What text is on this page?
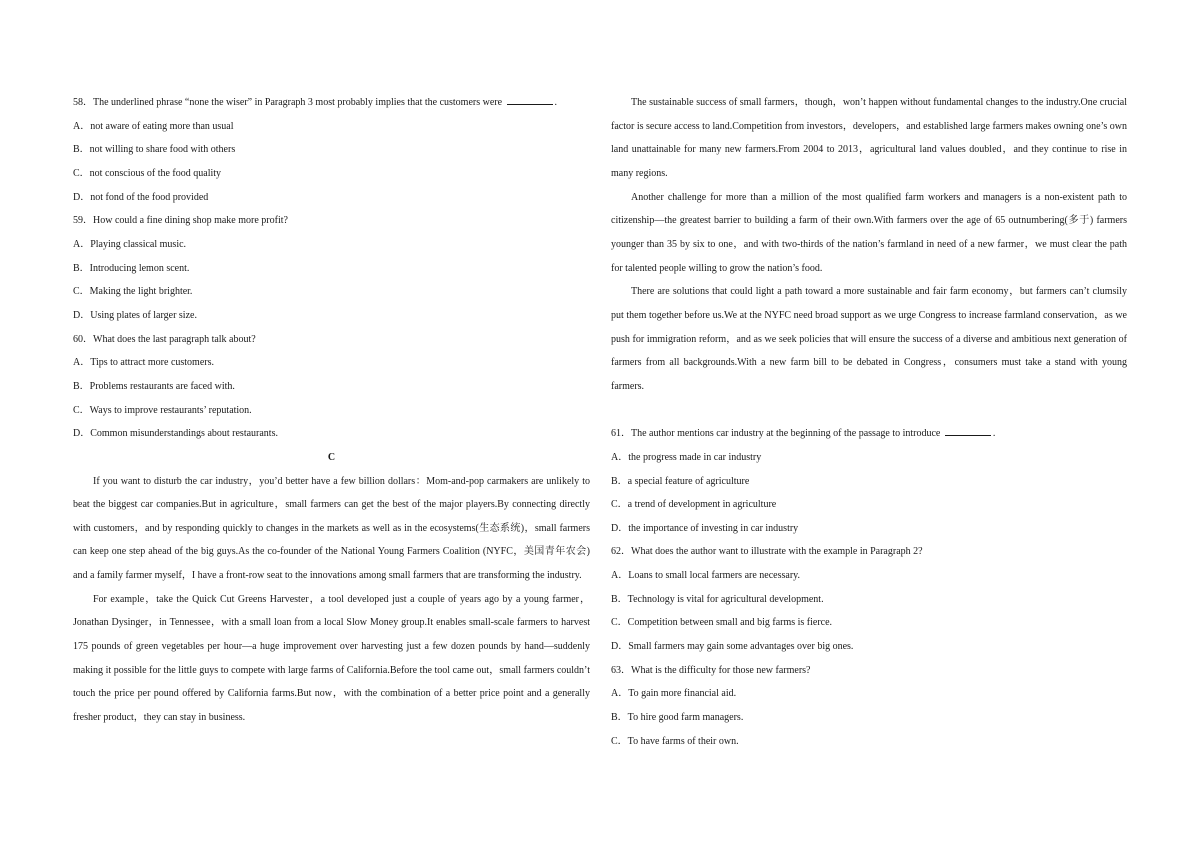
58．The underlined phrase “none the wiser” in Paragraph 3 most probably implies that the customers were	.
A．not aware of eating more than usual
B．not willing to share food with others
C．not conscious of the food quality
D．not fond of the food provided
59．How could a fine dining shop make more profit?
A．Playing classical music.
B．Introducing lemon scent.
C．Making the light brighter.
D．Using plates of larger size.
60．What does the last paragraph talk about?
A．Tips to attract more customers.
B．Problems restaurants are faced with.
C．Ways to improve restaurants’ reputation.
D．Common misunderstandings about restaurants.
C

If you want to disturb the car industry，you’d better have a few billion dollars：Mom-and-pop carmakers are unlikely to beat the biggest car companies.But in agriculture，small farmers can get the best of the major players.By connecting directly with customers，and by responding quickly to changes in the markets as well as in the ecosystems(生态系统)，small farmers can keep one step ahead of the big guys.As the co-founder of the National Young Farmers Coalition (NYFC，美国青年农会) and a family farmer myself，I have a front-row seat to the innovations among small farmers that are transforming the industry.

For example，take the Quick Cut Greens Harvester，a tool developed just a couple of years ago by a young farmer，Jonathan Dysinger，in Tennessee，with a small loan from a local Slow Money group.It enables small-scale farmers to harvest 175 pounds of green vegetables per hour—a huge improvement over harvesting just a few dozen pounds by hand—suddenly making it possible for the little guys to compete with large farms of California.Before the tool came out，small farmers couldn’t touch the price per pound offered by California farms.But now，with the combination of a better price point and a generally fresher product，they can stay in business.

The sustainable success of small farmers，though，won’t happen without fundamental changes to the industry.One crucial factor is secure access to land.Competition from investors，developers，and established large farmers makes owning one’s own land unattainable for many new farmers.From 2004 to 2013，agricultural land values doubled，and they continue to rise in many regions.

Another challenge for more than a million of the most qualified farm workers and managers is a non-existent path to citizenship—the greatest barrier to building a farm of their own.With farmers over the age of 65 outnumbering(多于) farmers younger than 35 by six to one，and with two-thirds of the nation’s farmland in need of a new farmer，we must clear the path for talented people willing to grow the nation’s food.

There are solutions that could light a path toward a more sustainable and fair farm economy，but farmers can’t clumsily put them together before us.We at the NYFC need broad support as we urge Congress to increase farmland conservation，as we push for immigration reform，and as we seek policies that will ensure the success of a diverse and ambitious next generation of farmers from all backgrounds.With a new farm bill to be debated in Congress，consumers must take a stand with young farmers.

61．The author mentions car industry at the beginning of the passage to introduce	.
A．the progress made in car industry
B．a special feature of agriculture
C．a trend of development in agriculture
D．the importance of investing in car industry
62．What does the author want to illustrate with the example in Paragraph 2?
A．Loans to small local farmers are necessary.
B．Technology is vital for agricultural development.
C．Competition between small and big farms is fierce.
D．Small farmers may gain some advantages over big ones.
63．What is the difficulty for those new farmers?
A．To gain more financial aid.
B．To hire good farm managers.
C．To have farms of their own.
